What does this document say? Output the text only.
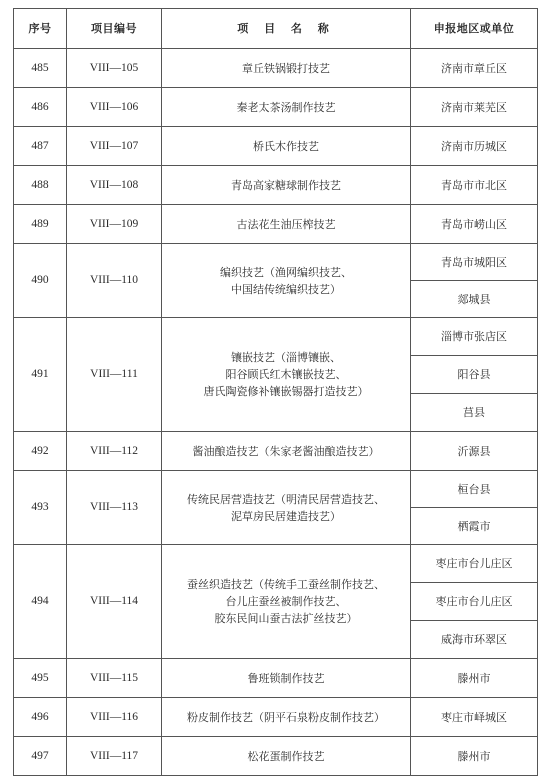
序号	项目编号	项 目 名 称	申报地区或单位
485	VIII—105	章丘铁锅锻打技艺	济南市章丘区
486	VIII—106	秦老太茶汤制作技艺	济南市莱芜区
487	VIII—107	桥氏木作技艺	济南市历城区
488	VIII—108	青岛高家糖球制作技艺	青岛市市北区
489	VIII—109	古法花生油压榨技艺	青岛市崂山区
490	VIII—110	编织技艺（渔网编织技艺、
中国结传统编织技艺）	青岛市城阳区
			郯城县
491	VIII—111	镶嵌技艺（淄博镶嵌、
阳谷顾氏红木镶嵌技艺、
唐氏陶瓷修补镶嵌锡器打造技艺）	淄博市张店区
			阳谷县
			莒县
492	VIII—112	酱油酿造技艺（朱家老酱油酿造技艺）	沂源县
493	VIII—113	传统民居营造技艺（明清民居营造技艺、
泥草房民居建造技艺）	桓台县
			栖霞市
494	VIII—114	蚕丝织造技艺（传统手工蚕丝制作技艺、
台儿庄蚕丝被制作技艺、
胶东民间山蚕古法扩丝技艺）	枣庄市台儿庄区
			枣庄市台儿庄区
			威海市环翠区
495	VIII—115	鲁班锁制作技艺	滕州市
496	VIII—116	粉皮制作技艺（阴平石泉粉皮制作技艺）	枣庄市峄城区
497	VIII—117	松花蛋制作技艺	滕州市
